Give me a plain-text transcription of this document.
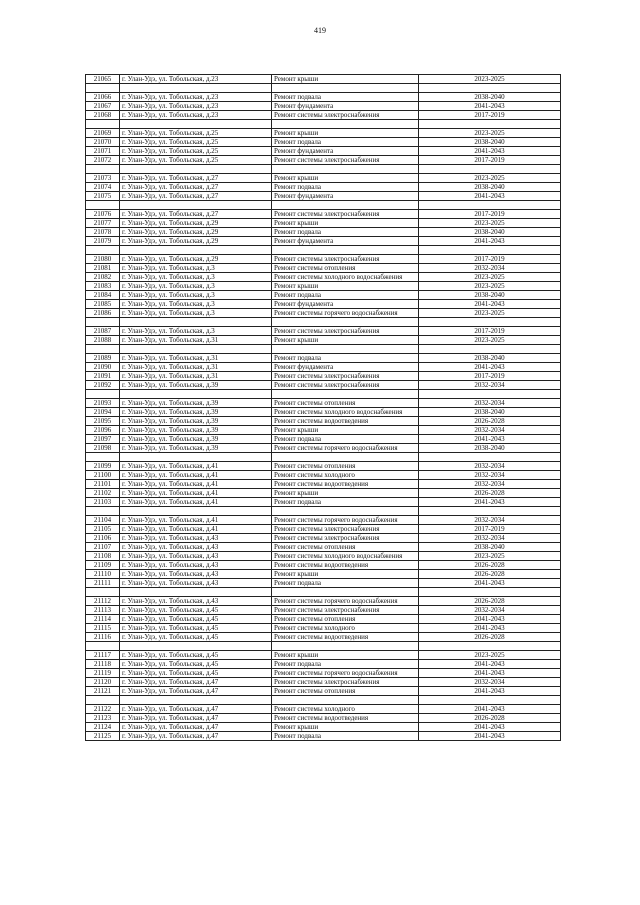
419
21065	г. Улан-Удэ, ул. Тобольская, д.23	Ремонт крыши	2023-2025

21066	г. Улан-Удэ, ул. Тобольская, д.23	Ремонт подвала	2038-2040
21067	г. Улан-Удэ, ул. Тобольская, д.23	Ремонт фундамента	2041-2043
21068	г. Улан-Удэ, ул. Тобольская, д.23	Ремонт системы электроснабжения	2017-2019

21069	г. Улан-Удэ, ул. Тобольская, д.25	Ремонт крыши	2023-2025
21070	г. Улан-Удэ, ул. Тобольская, д.25	Ремонт подвала	2038-2040
21071	г. Улан-Удэ, ул. Тобольская, д.25	Ремонт фундамента	2041-2043
21072	г. Улан-Удэ, ул. Тобольская, д.25	Ремонт системы электроснабжения	2017-2019

21073	г. Улан-Удэ, ул. Тобольская, д.27	Ремонт крыши	2023-2025
21074	г. Улан-Удэ, ул. Тобольская, д.27	Ремонт подвала	2038-2040
21075	г. Улан-Удэ, ул. Тобольская, д.27	Ремонт фундамента	2041-2043

21076	г. Улан-Удэ, ул. Тобольская, д.27	Ремонт системы электроснабжения	2017-2019
21077	г. Улан-Удэ, ул. Тобольская, д.29	Ремонт крыши	2023-2025
21078	г. Улан-Удэ, ул. Тобольская, д.29	Ремонт подвала	2038-2040
21079	г. Улан-Удэ, ул. Тобольская, д.29	Ремонт фундамента	2041-2043

21080	г. Улан-Удэ, ул. Тобольская, д.29	Ремонт системы электроснабжения	2017-2019
21081	г. Улан-Удэ, ул. Тобольская, д.3	Ремонт системы отопления	2032-2034
21082	г. Улан-Удэ, ул. Тобольская, д.3	Ремонт системы холодного водоснабжения	2023-2025
21083	г. Улан-Удэ, ул. Тобольская, д.3	Ремонт крыши	2023-2025
21084	г. Улан-Удэ, ул. Тобольская, д.3	Ремонт подвала	2038-2040
21085	г. Улан-Удэ, ул. Тобольская, д.3	Ремонт фундамента	2041-2043
21086	г. Улан-Удэ, ул. Тобольская, д.3	Ремонт системы горячего водоснабжения	2023-2025

21087	г. Улан-Удэ, ул. Тобольская, д.3	Ремонт системы электроснабжения	2017-2019
21088	г. Улан-Удэ, ул. Тобольская, д.31	Ремонт крыши	2023-2025

21089	г. Улан-Удэ, ул. Тобольская, д.31	Ремонт подвала	2038-2040
21090	г. Улан-Удэ, ул. Тобольская, д.31	Ремонт фундамента	2041-2043
21091	г. Улан-Удэ, ул. Тобольская, д.31	Ремонт системы электроснабжения	2017-2019
21092	г. Улан-Удэ, ул. Тобольская, д.39	Ремонт системы электроснабжения	2032-2034

21093	г. Улан-Удэ, ул. Тобольская, д.39	Ремонт системы отопления	2032-2034
21094	г. Улан-Удэ, ул. Тобольская, д.39	Ремонт системы холодного водоснабжения	2038-2040
21095	г. Улан-Удэ, ул. Тобольская, д.39	Ремонт системы водоотведения	2026-2028
21096	г. Улан-Удэ, ул. Тобольская, д.39	Ремонт крыши	2032-2034
21097	г. Улан-Удэ, ул. Тобольская, д.39	Ремонт подвала	2041-2043
21098	г. Улан-Удэ, ул. Тобольская, д.39	Ремонт системы горячего водоснабжения	2038-2040

21099	г. Улан-Удэ, ул. Тобольская, д.41	Ремонт системы отопления	2032-2034
21100	г. Улан-Удэ, ул. Тобольская, д.41	Ремонт системы холодного	2032-2034
21101	г. Улан-Удэ, ул. Тобольская, д.41	Ремонт системы водоотведения	2032-2034
21102	г. Улан-Удэ, ул. Тобольская, д.41	Ремонт крыши	2026-2028
21103	г. Улан-Удэ, ул. Тобольская, д.41	Ремонт подвала	2041-2043

21104	г. Улан-Удэ, ул. Тобольская, д.41	Ремонт системы горячего водоснабжения	2032-2034
21105	г. Улан-Удэ, ул. Тобольская, д.41	Ремонт системы электроснабжения	2017-2019
21106	г. Улан-Удэ, ул. Тобольская, д.43	Ремонт системы электроснабжения	2032-2034
21107	г. Улан-Удэ, ул. Тобольская, д.43	Ремонт системы отопления	2038-2040
21108	г. Улан-Удэ, ул. Тобольская, д.43	Ремонт системы холодного водоснабжения	2023-2025
21109	г. Улан-Удэ, ул. Тобольская, д.43	Ремонт системы водоотведения	2026-2028
21110	г. Улан-Удэ, ул. Тобольская, д.43	Ремонт крыши	2026-2028
21111	г. Улан-Удэ, ул. Тобольская, д.43	Ремонт подвала	2041-2043

21112	г. Улан-Удэ, ул. Тобольская, д.43	Ремонт системы горячего водоснабжения	2026-2028
21113	г. Улан-Удэ, ул. Тобольская, д.45	Ремонт системы электроснабжения	2032-2034
21114	г. Улан-Удэ, ул. Тобольская, д.45	Ремонт системы отопления	2041-2043
21115	г. Улан-Удэ, ул. Тобольская, д.45	Ремонт системы холодного	2041-2043
21116	г. Улан-Удэ, ул. Тобольская, д.45	Ремонт системы водоотведения	2026-2028

21117	г. Улан-Удэ, ул. Тобольская, д.45	Ремонт крыши	2023-2025
21118	г. Улан-Удэ, ул. Тобольская, д.45	Ремонт подвала	2041-2043
21119	г. Улан-Удэ, ул. Тобольская, д.45	Ремонт системы горячего водоснабжения	2041-2043
21120	г. Улан-Удэ, ул. Тобольская, д.47	Ремонт системы электроснабжения	2032-2034
21121	г. Улан-Удэ, ул. Тобольская, д.47	Ремонт системы отопления	2041-2043

21122	г. Улан-Удэ, ул. Тобольская, д.47	Ремонт системы холодного	2041-2043
21123	г. Улан-Удэ, ул. Тобольская, д.47	Ремонт системы водоотведения	2026-2028
21124	г. Улан-Удэ, ул. Тобольская, д.47	Ремонт крыши	2041-2043
21125	г. Улан-Удэ, ул. Тобольская, д.47	Ремонт подвала	2041-2043
